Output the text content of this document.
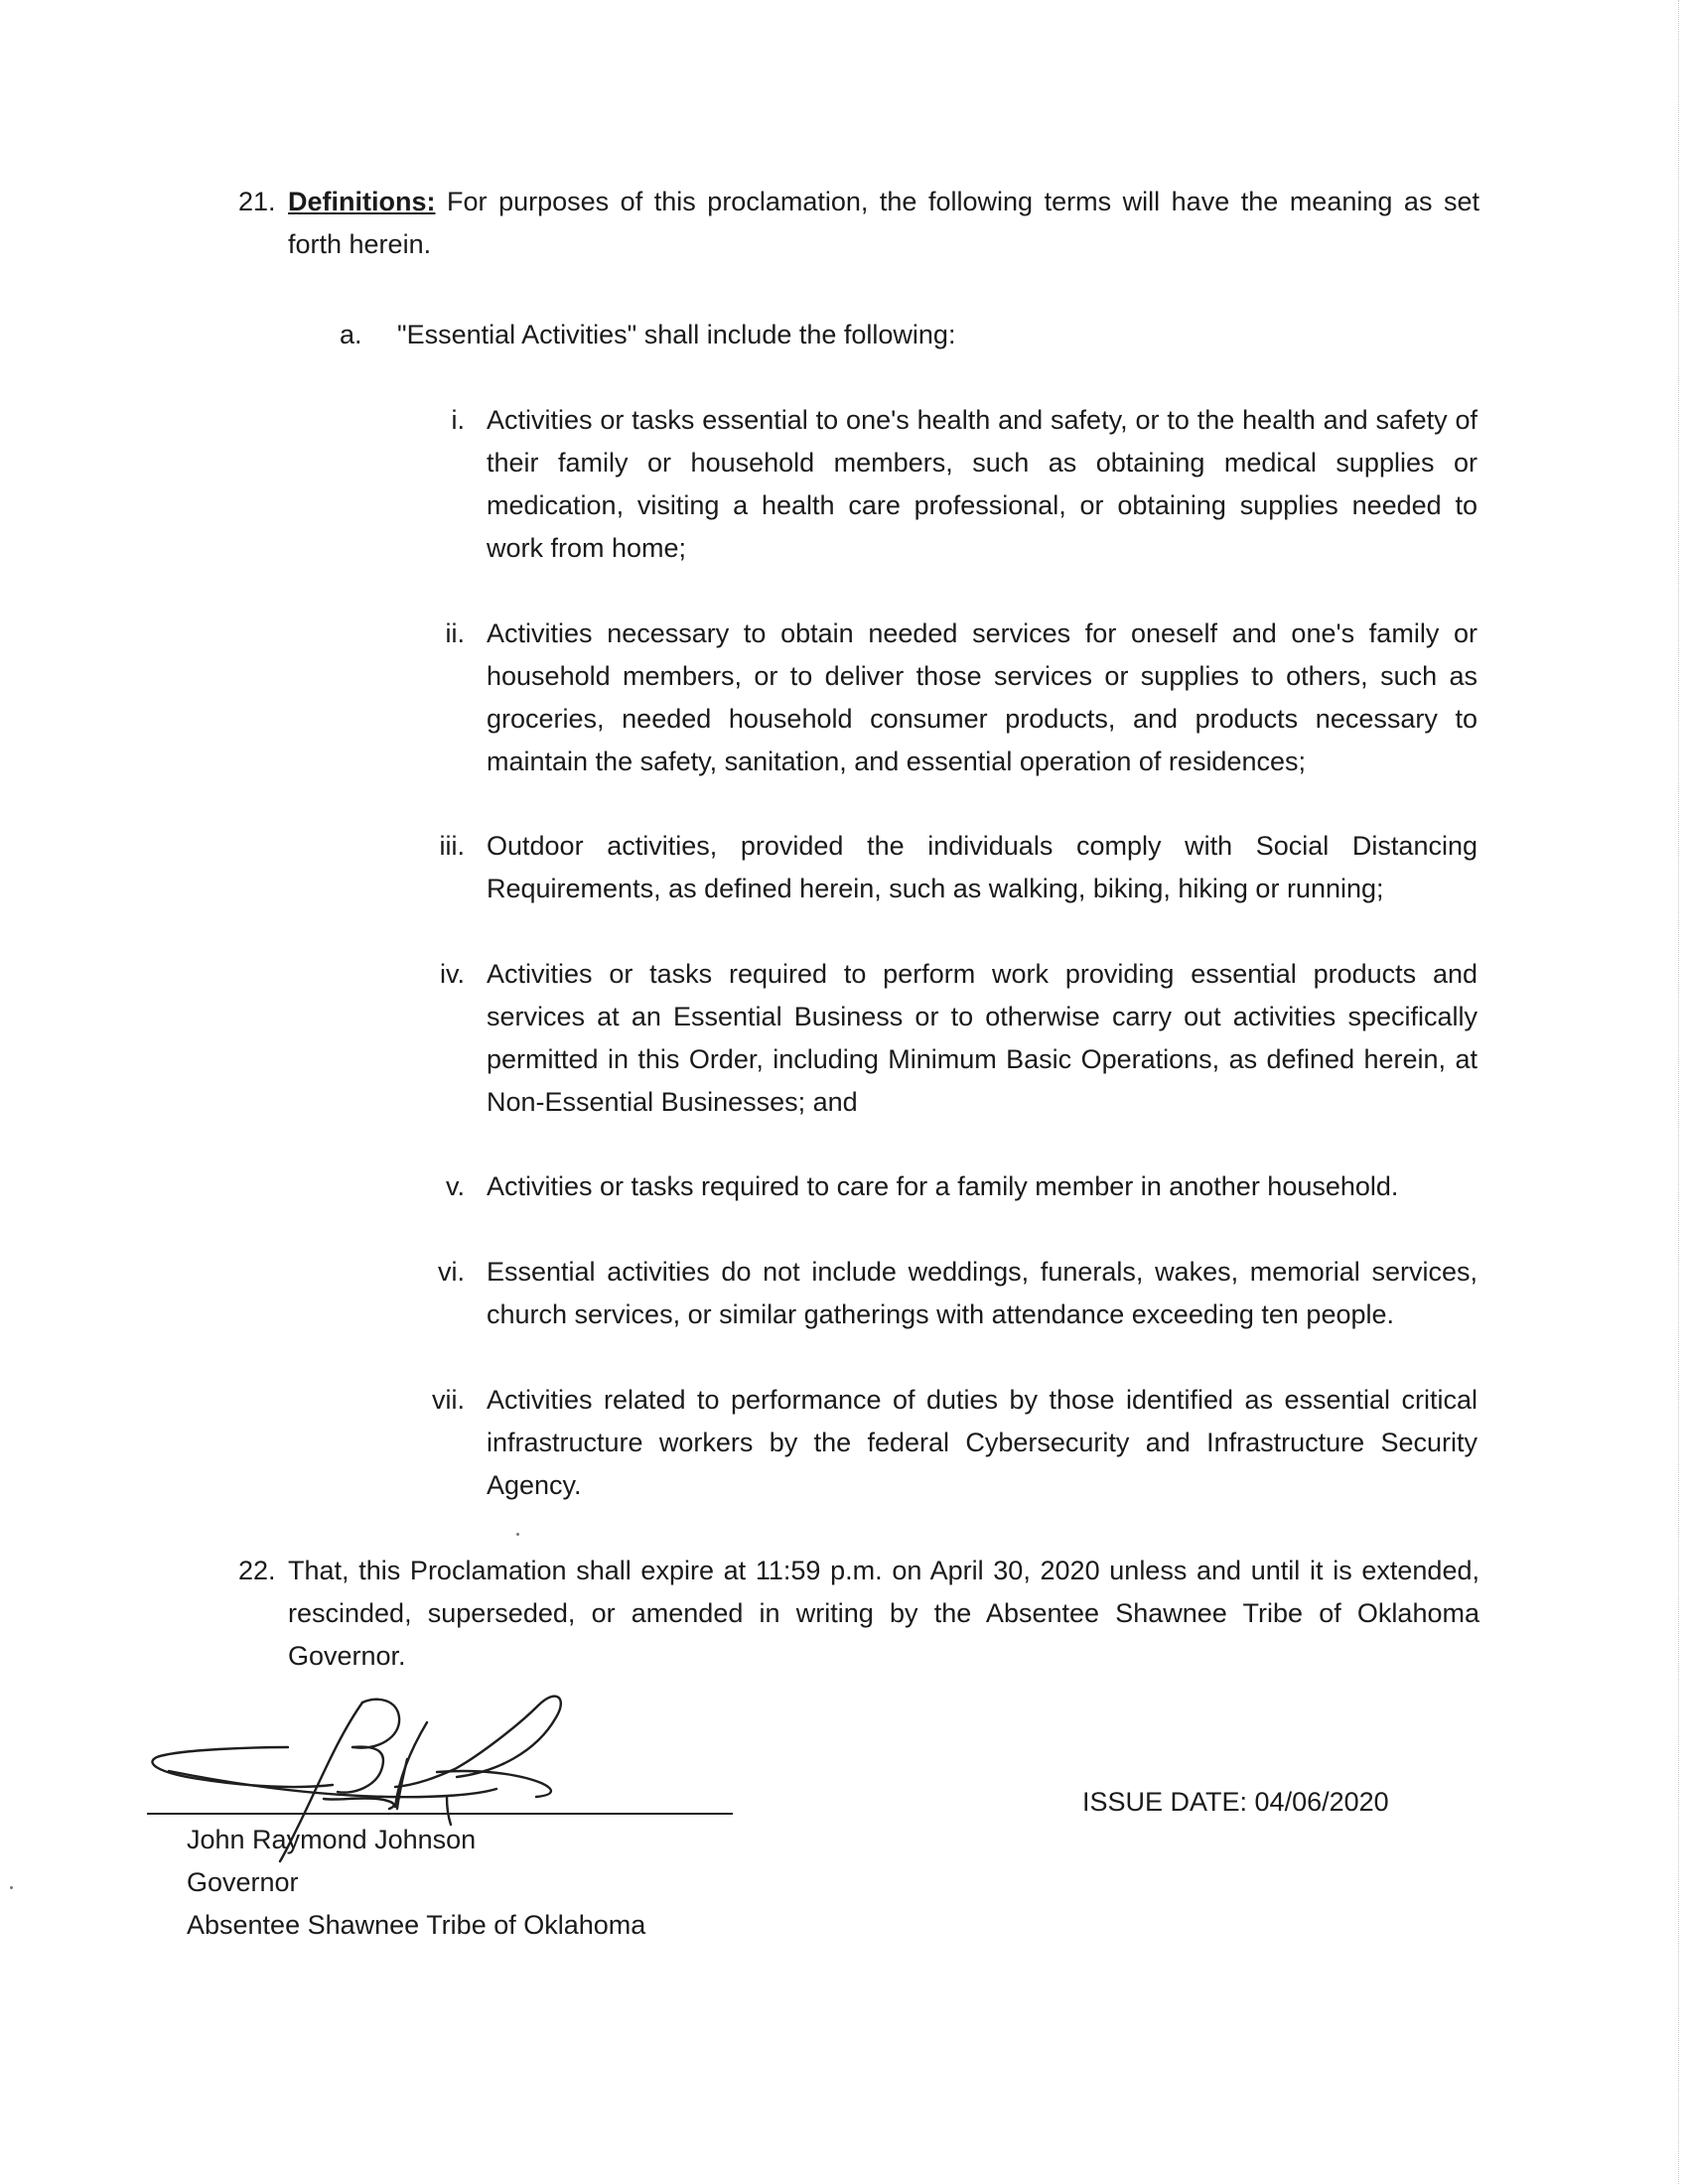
21. Definitions: For purposes of this proclamation, the following terms will have the meaning as set forth herein.
a. "Essential Activities" shall include the following:
i. Activities or tasks essential to one's health and safety, or to the health and safety of their family or household members, such as obtaining medical supplies or medication, visiting a health care professional, or obtaining supplies needed to work from home;
ii. Activities necessary to obtain needed services for oneself and one's family or household members, or to deliver those services or supplies to others, such as groceries, needed household consumer products, and products necessary to maintain the safety, sanitation, and essential operation of residences;
iii. Outdoor activities, provided the individuals comply with Social Distancing Requirements, as defined herein, such as walking, biking, hiking or running;
iv. Activities or tasks required to perform work providing essential products and services at an Essential Business or to otherwise carry out activities specifically permitted in this Order, including Minimum Basic Operations, as defined herein, at Non-Essential Businesses; and
v. Activities or tasks required to care for a family member in another household.
vi. Essential activities do not include weddings, funerals, wakes, memorial services, church services, or similar gatherings with attendance exceeding ten people.
vii. Activities related to performance of duties by those identified as essential critical infrastructure workers by the federal Cybersecurity and Infrastructure Security Agency.
22. That, this Proclamation shall expire at 11:59 p.m. on April 30, 2020 unless and until it is extended, rescinded, superseded, or amended in writing by the Absentee Shawnee Tribe of Oklahoma Governor.
John Raymond Johnson
Governor
Absentee Shawnee Tribe of Oklahoma
ISSUE DATE: 04/06/2020
